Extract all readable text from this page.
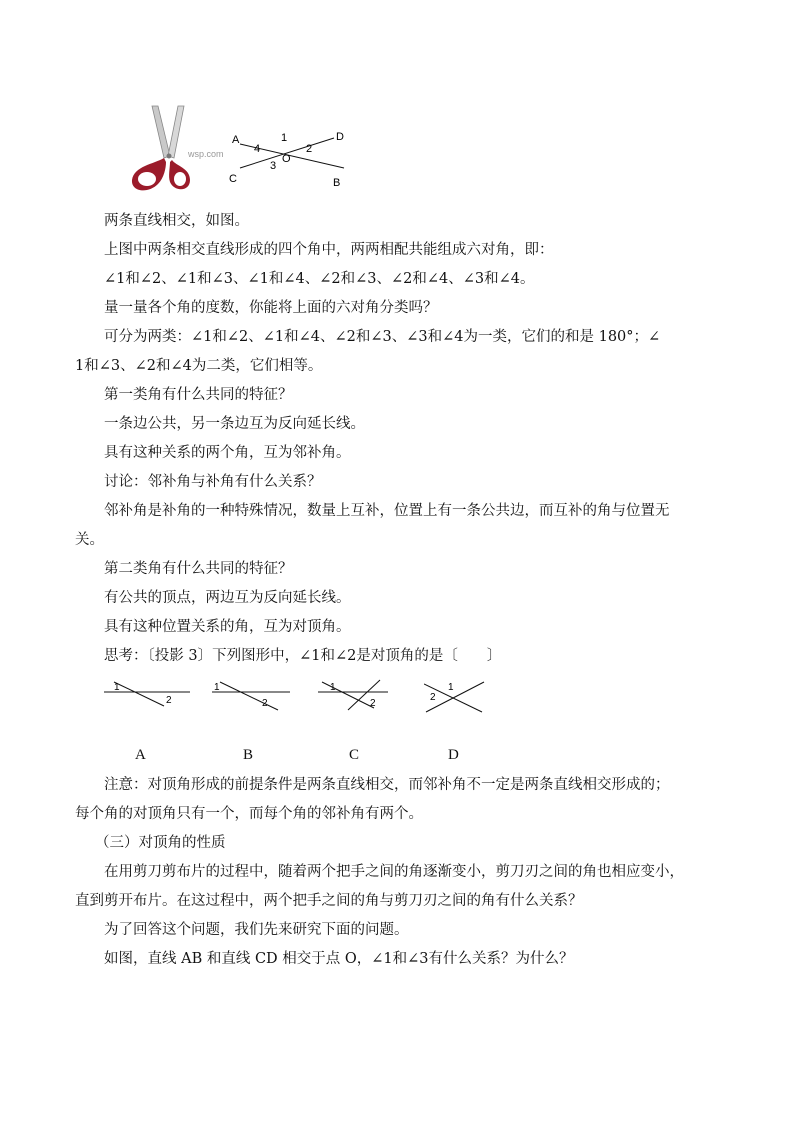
wsp.com
A	D
C	B
O
1
2
3
4
两条直线相交，如图。
上图中两条相交直线形成的四个角中，两两相配共能组成六对角，即：
∠1和∠2、∠1和∠3、∠1和∠4、∠2和∠3、∠2和∠4、∠3和∠4。
量一量各个角的度数，你能将上面的六对角分类吗？
可分为两类：∠1和∠2、∠1和∠4、∠2和∠3、∠3和∠4为一类，它们的和是 180°；∠
1和∠3、∠2和∠4为二类，它们相等。
第一类角有什么共同的特征？
一条边公共，另一条边互为反向延长线。
具有这种关系的两个角，互为邻补角。
讨论：邻补角与补角有什么关系？
邻补角是补角的一种特殊情况，数量上互补，位置上有一条公共边，而互补的角与位置无
关。
第二类角有什么共同的特征？
有公共的顶点，两边互为反向延长线。
具有这种位置关系的角，互为对顶角。
思考：〔投影 3〕下列图形中，∠1和∠2是对顶角的是〔　　〕
1
2
1
2
1
2
1
2
A	B	C	D
注意：对顶角形成的前提条件是两条直线相交，而邻补角不一定是两条直线相交形成的；
每个角的对顶角只有一个，而每个角的邻补角有两个。
（三）对顶角的性质
在用剪刀剪布片的过程中，随着两个把手之间的角逐渐变小，剪刀刃之间的角也相应变小，
直到剪开布片。在这过程中，两个把手之间的角与剪刀刃之间的角有什么关系？
为了回答这个问题，我们先来研究下面的问题。
如图，直线 AB 和直线 CD 相交于点 O，∠1和∠3有什么关系？为什么？
